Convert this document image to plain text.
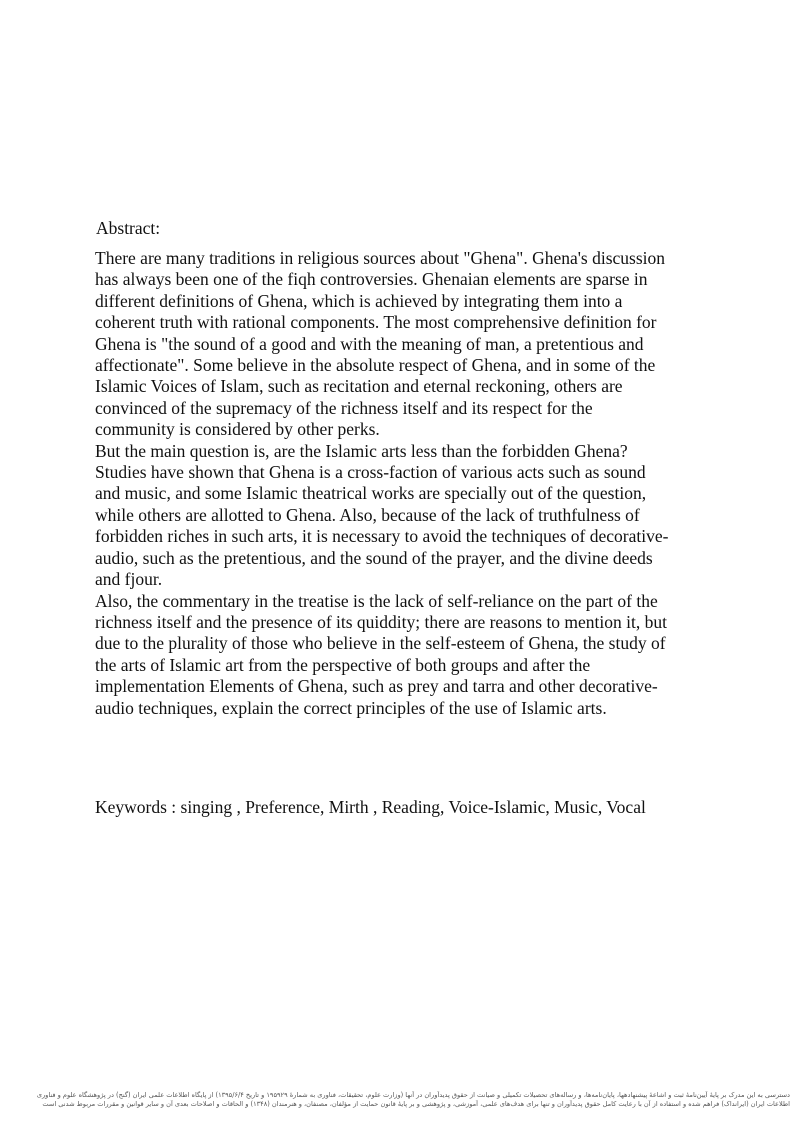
Abstract:

There are many traditions in religious sources about "Ghena". Ghena's discussion has always been one of the fiqh controversies. Ghenaian elements are sparse in different definitions of Ghena, which is achieved by integrating them into a coherent truth with rational components. The most comprehensive definition for Ghena is "the sound of a good and with the meaning of man, a pretentious and affectionate". Some believe in the absolute respect of Ghena, and in some of the Islamic Voices of Islam, such as recitation and eternal reckoning, others are convinced of the supremacy of the richness itself and its respect for the community is considered by other perks.

But the main question is, are the Islamic arts less than the forbidden Ghena?

Studies have shown that Ghena is a cross-faction of various acts such as sound and music, and some Islamic theatrical works are specially out of the question, while others are allotted to Ghena. Also, because of the lack of truthfulness of forbidden riches in such arts, it is necessary to avoid the techniques of decorative-audio, such as the pretentious, and the sound of the prayer, and the divine deeds and fjour.

Also, the commentary in the treatise is the lack of self-reliance on the part of the richness itself and the presence of its quiddity; there are reasons to mention it, but due to the plurality of those who believe in the self-esteem of Ghena, the study of the arts of Islamic art from the perspective of both groups and after the implementation Elements of Ghena, such as prey and tarra and other decorative-audio techniques, explain the correct principles of the use of Islamic arts.

Keywords : singing , Preference, Mirth , Reading, Voice-Islamic, Music, Vocal

دسترسی به این مدرک بر پایهٔ آیین‌نامهٔ ثبت و اشاعهٔ پیشنهادهها، پایان‌نامه‌ها، و رساله‌های تحصیلات تکمیلی و صیانت از حقوق پدیدآوران در آنها (وزارت علوم، تحقیقات، فناوری به شمارهٔ ۱۹۵۹۲۹ و تاریخ ۱۳۹۵/۶/۴) از پایگاه اطلاعات علمی ایران (گنج) در پژوهشگاه علوم و فناوری
اطلاعات ایران (ایرانداک) فراهم شده و استفاده از آن با رعایت کامل حقوق پدیدآوران و تنها برای هدف‌های علمی، آموزشی، و پژوهشی و بر پایهٔ قانون حمایت از مؤلفان، مصنفان، و هنرمندان (۱۳۴۸) و الحاقات و اصلاحات بعدی آن و سایر قوانین و مقررات مربوط شدنی است
